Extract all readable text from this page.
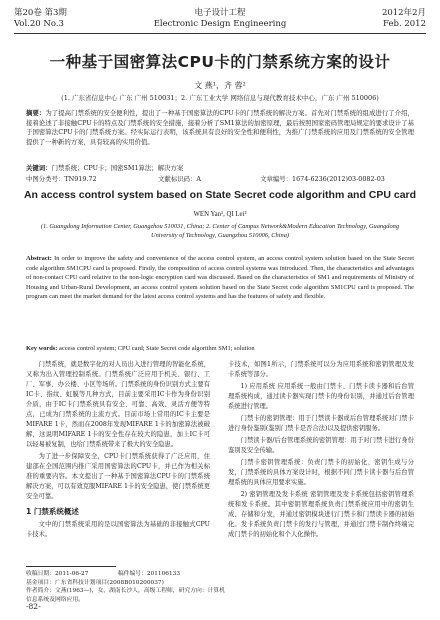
第20卷 第3期
Vol.20 No.3
电子设计工程
Electronic Design Engineering
2012年2月
Feb. 2012
一种基于国密算法CPU卡的门禁系统方案的设计
文 燕¹，齐 蓉²
(1. 广东省信息中心 广东 广州 510031；2. 广东工业大学 网络信息与现代教育技术中心，广东 广州 510006)
摘要：为了提高门禁系统的安全便利性，提出了一种基于国密算法的CPU卡的门禁系统的解决方案。首先对门禁系统的组成进行了介绍，接着论述了非接触CPU卡的特点及门禁系统的安全措施，接着分析了SM1算法的加密原理，最后按照国家密码管理局规定的要求设计了基于国密算法CPU卡的门禁系统方案。经实际运行表明，该系统具有良好的安全性和便利性，为推广门禁系统的应用及门禁系统的安全管理提供了一种新的方案，具有较高的实用价值。
关键词：门禁系统；CPU卡；国密SM1算法；解决方案
中图分类号：TN919.72	文献标识码：A	文章编号：1674-6236(2012)03-0082-03
An access control system based on State Secret code algorithm and CPU card
WEN Yan¹, QI Lei²
(1. Guangdong Information Center, Guangzhou 510031, China; 2. Center of Campus Network&Modern Education Technology, Guangdong University of Technology, Guangzhou 510006, China)
Abstract: In order to improve the safety and convenience of the access control system, an access control system solution based on the State Secret code algorithm SM1CPU card is proposed. Firstly, the composition of access control systems was introduced. Then, the characteristics and advantages of non-contact CPU card relative to the non-logic encryption card was discussed. Based on the characteristics of SM1 and requirements of Ministry of Housing and Urban-Rural Development, an access control system solution based on the State Secret code algorithm SM1CPU card is proposed. The program can meet the market demand for the latest access control systems and has the features of safety and flexible.
Key words: access control system; CPU card; State Secret code algorithm SM1; solution

门禁系统，就是数字化的对人员出入进行管理的智能化系统，又称为出入管理控制系统。门禁系统广泛应用于机关、银行、工厂、军事、办公楼、小区等场所。门禁系统的身份识别方式主要有IC卡、指纹、虹膜等几种方式，目前主要采用IC卡作为身份识别介质，由于IC卡门禁系统具有安全、可靠、高效、灵活方便等特点，已成为门禁系统的主流方式。目前市场上常用的IC卡主要是MIFARE 1卡，然而在2008年发现MIFARE 1卡的加密算法被破解，这说明MIFARE 1卡的安全性存在较大的隐患，加上IC卡可以轻易被复制，也给门禁系统带来了极大的安全隐患。

为了进一步保障安全，CPU卡门禁系统获得了广泛应用，住建部在全国范围内推广采用国密算法的CPU卡，并已作为相关标准的重要内容。本文提出了一种基于国密算法CPU卡的门禁系统解决方案，可以有效克服MIFARE 1卡的安全隐患，使门禁系统更安全可靠。

1 门禁系统概述

文中的门禁系统采用的是以国密算法为基础的非接触式CPU卡技术。

卡技术，如图1所示，门禁系统可以分为应用系统和密钥管理及发卡系统等部分。

1) 应用系统 应用系统一般由门禁卡、门禁卡读卡器和后台管理系统构成，通过读卡器实现门禁卡的身份识别，并通过后台管理系统进行管理。

门禁卡的密钥管理：用于门禁读卡器或后台管理系统对门禁卡进行身份鉴别(鉴别门禁卡是否合法)以及提供密钥服务。

门禁读卡器/后台管理系统的密钥管理：用于对门禁卡进行身份鉴别及安全传输。

门禁卡密钥管理系统：负责门禁卡的初始化、密钥生成与分发，门禁系统的具体方案设计时，根据不同门禁卡读卡器与后台管理系统的具体应用要求实施。

2) 密钥管理及发卡系统 密钥管理及发卡系统包括密钥管理系统和发卡系统。其中密钥管理系统负责门禁系统应用中的密钥生成、存储和分发，并通过密钥模块进行门禁卡和门禁读卡器的初始化。发卡系统负责门禁卡的发行与管理，并通过门禁卡制作终端完成门禁卡的初始化和个人化操作。

收稿日期：2011-06-27	稿件编号：201106133
基金项目：广东省科技计划项目(2008B010200037)
作者简介：文燕(1963—)，女，湖南长沙人，高级工程师，研究方向：计算机信息系统及网络应用。
-82-
